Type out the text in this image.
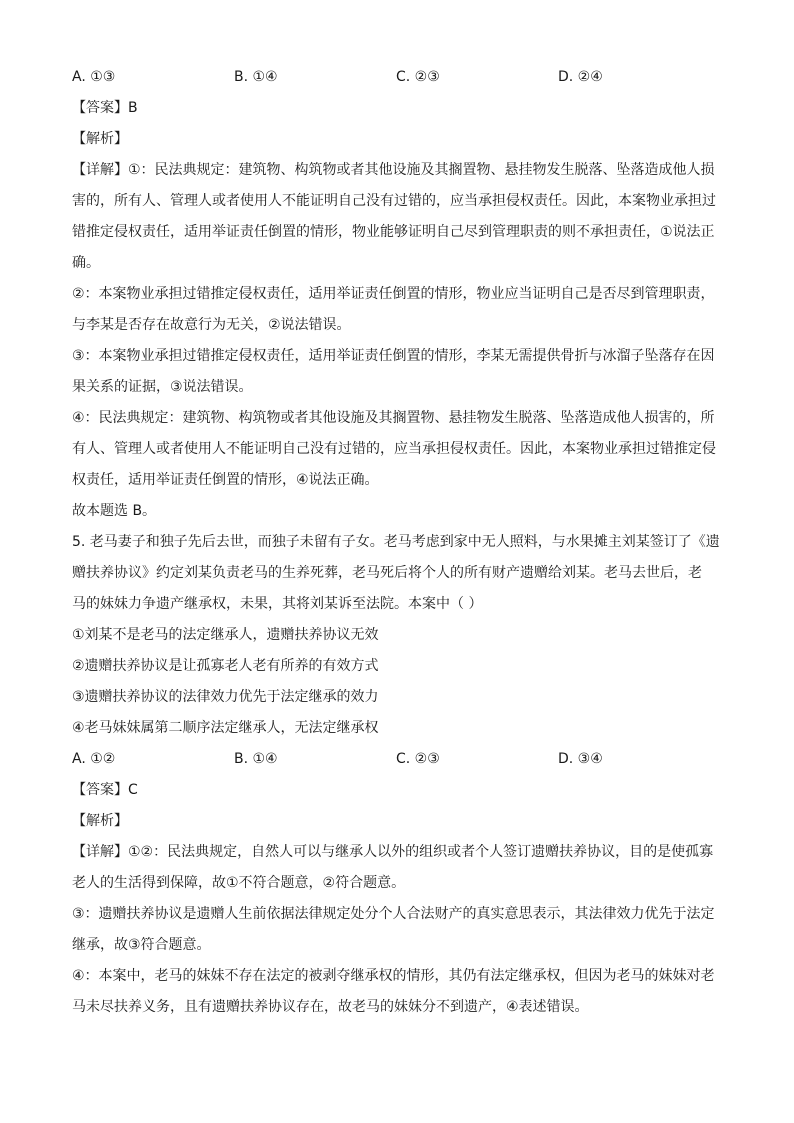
A. ①③	B. ①④	C. ②③	D. ②④
【答案】B
【解析】
【详解】①：民法典规定：建筑物、构筑物或者其他设施及其搁置物、悬挂物发生脱落、坠落造成他人损
害的，所有人、管理人或者使用人不能证明自己没有过错的，应当承担侵权责任。因此，本案物业承担过
错推定侵权责任，适用举证责任倒置的情形，物业能够证明自己尽到管理职责的则不承担责任，①说法正
确。
②：本案物业承担过错推定侵权责任，适用举证责任倒置的情形，物业应当证明自己是否尽到管理职责，
与李某是否存在故意行为无关，②说法错误。
③：本案物业承担过错推定侵权责任，适用举证责任倒置的情形，李某无需提供骨折与冰溜子坠落存在因
果关系的证据，③说法错误。
④：民法典规定：建筑物、构筑物或者其他设施及其搁置物、悬挂物发生脱落、坠落造成他人损害的，所
有人、管理人或者使用人不能证明自己没有过错的，应当承担侵权责任。因此，本案物业承担过错推定侵
权责任，适用举证责任倒置的情形，④说法正确。
故本题选 B。
5. 老马妻子和独子先后去世，而独子未留有子女。老马考虑到家中无人照料，与水果摊主刘某签订了《遗
赠扶养协议》约定刘某负责老马的生养死葬，老马死后将个人的所有财产遗赠给刘某。老马去世后，老
马的妹妹力争遗产继承权，未果，其将刘某诉至法院。本案中（ ）
①刘某不是老马的法定继承人，遗赠扶养协议无效
②遗赠扶养协议是让孤寡老人老有所养的有效方式
③遗赠扶养协议的法律效力优先于法定继承的效力
④老马妹妹属第二顺序法定继承人，无法定继承权
A. ①②	B. ①④	C. ②③	D. ③④
【答案】C
【解析】
【详解】①②：民法典规定，自然人可以与继承人以外的组织或者个人签订遗赠扶养协议，目的是使孤寡
老人的生活得到保障，故①不符合题意，②符合题意。
③：遗赠扶养协议是遗赠人生前依据法律规定处分个人合法财产的真实意思表示，其法律效力优先于法定
继承，故③符合题意。
④：本案中，老马的妹妹不存在法定的被剥夺继承权的情形，其仍有法定继承权，但因为老马的妹妹对老
马未尽扶养义务，且有遗赠扶养协议存在，故老马的妹妹分不到遗产，④表述错误。
